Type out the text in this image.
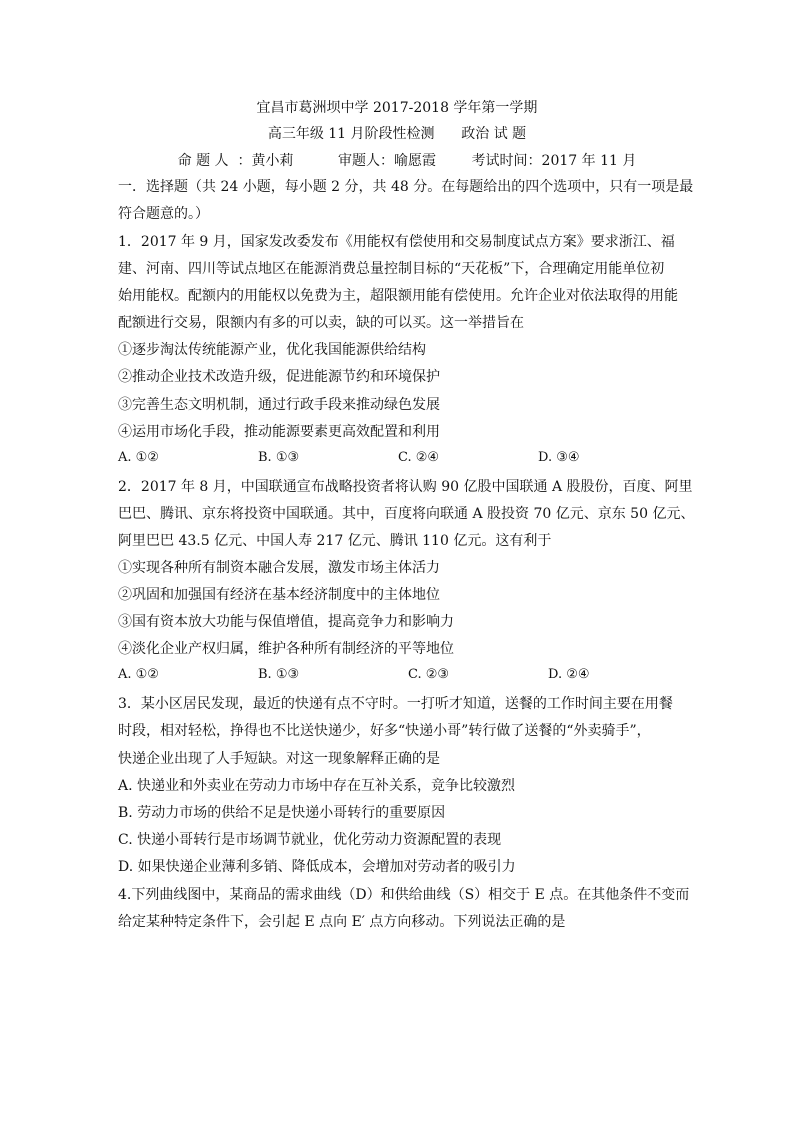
宜昌市葛洲坝中学 2017-2018 学年第一学期
高三年级 11 月阶段性检测      政治 试 题
命 题 人  ：黄小莉          审题人：喻愿霞        考试时间：2017 年 11 月
一．选择题（共 24 小题，每小题 2 分，共 48 分。在每题给出的四个选项中，只有一项是最
符合题意的。）
1．2017 年 9 月，国家发改委发布《用能权有偿使用和交易制度试点方案》要求浙江、福
建、河南、四川等试点地区在能源消费总量控制目标的“天花板”下，合理确定用能单位初
始用能权。配额内的用能权以免费为主，超限额用能有偿使用。允许企业对依法取得的用能
配额进行交易，限额内有多的可以卖，缺的可以买。这一举措旨在
①逐步淘汰传统能源产业，优化我国能源供给结构
②推动企业技术改造升级，促进能源节约和环境保护
③完善生态文明机制，通过行政手段来推动绿色发展
④运用市场化手段，推动能源要素更高效配置和利用
A. ①②	B. ①③	C. ②④	D. ③④
2．2017 年 8 月，中国联通宣布战略投资者将认购 90 亿股中国联通 A 股股份，百度、阿里
巴巴、腾讯、京东将投资中国联通。其中，百度将向联通 A 股投资 70 亿元、京东 50 亿元、
阿里巴巴 43.5 亿元、中国人寿 217 亿元、腾讯 110 亿元。这有利于
①实现各种所有制资本融合发展，激发市场主体活力
②巩固和加强国有经济在基本经济制度中的主体地位
③国有资本放大功能与保值增值，提高竞争力和影响力
④淡化企业产权归属，维护各种所有制经济的平等地位
A. ①②	B. ①③	C. ②③	D. ②④
3．某小区居民发现，最近的快递有点不守时。一打听才知道，送餐的工作时间主要在用餐
时段，相对轻松，挣得也不比送快递少，好多“快递小哥”转行做了送餐的“外卖骑手”，
快递企业出现了人手短缺。对这一现象解释正确的是
A. 快递业和外卖业在劳动力市场中存在互补关系，竞争比较激烈
B. 劳动力市场的供给不足是快递小哥转行的重要原因
C. 快递小哥转行是市场调节就业，优化劳动力资源配置的表现
D. 如果快递企业薄利多销、降低成本，会增加对劳动者的吸引力
4.下列曲线图中，某商品的需求曲线（D）和供给曲线（S）相交于 E 点。在其他条件不变而
给定某种特定条件下，会引起 E 点向 E′ 点方向移动。下列说法正确的是
